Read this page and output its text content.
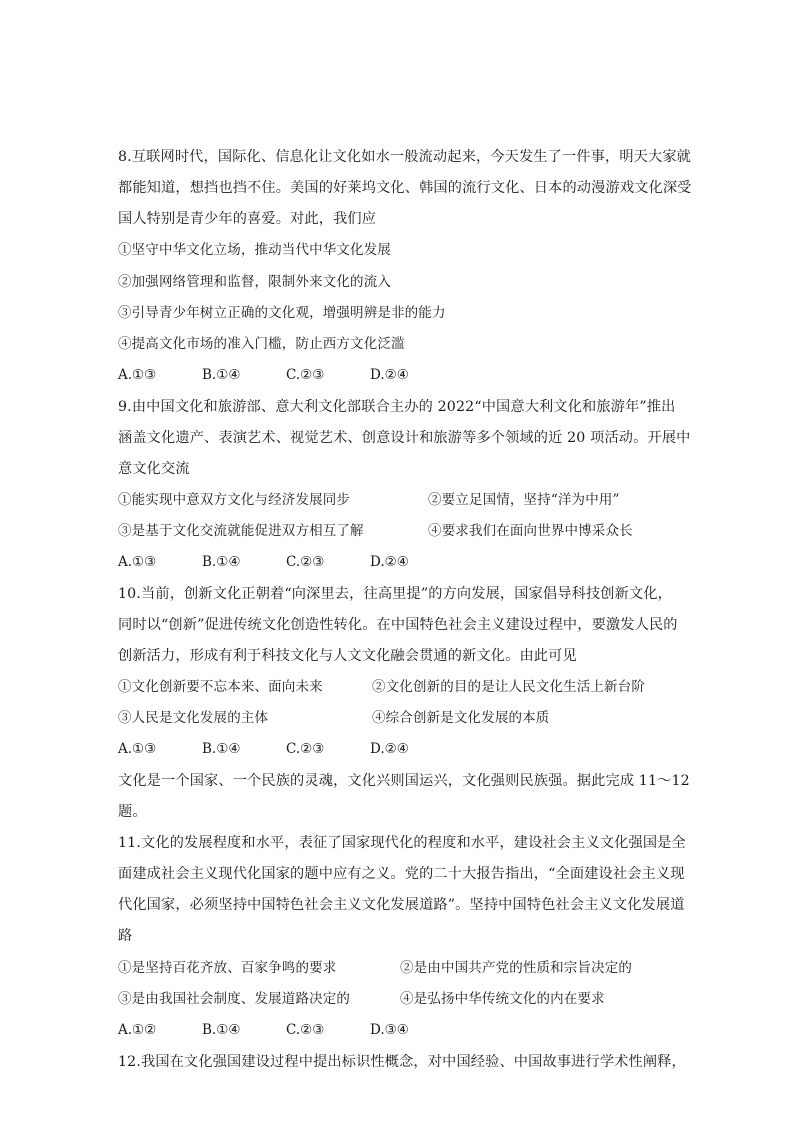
8.互联网时代，国际化、信息化让文化如水一般流动起来，今天发生了一件事，明天大家就
都能知道，想挡也挡不住。美国的好莱坞文化、韩国的流行文化、日本的动漫游戏文化深受
国人特别是青少年的喜爱。对此，我们应
①坚守中华文化立场，推动当代中华文化发展
②加强网络管理和监督，限制外来文化的流入
③引导青少年树立正确的文化观，增强明辨是非的能力
④提高文化市场的准入门槛，防止西方文化泛滥
A.①③	B.①④	C.②③	D.②④
9.由中国文化和旅游部、意大利文化部联合主办的 2022“中国意大利文化和旅游年”推出
涵盖文化遗产、表演艺术、视觉艺术、创意设计和旅游等多个领域的近 20 项活动。开展中
意文化交流
①能实现中意双方文化与经济发展同步	②要立足国情，坚持“洋为中用”
③是基于文化交流就能促进双方相互了解	④要求我们在面向世界中博采众长
A.①③	B.①④	C.②③	D.②④
10.当前，创新文化正朝着“向深里去，往高里提”的方向发展，国家倡导科技创新文化，
同时以“创新”促进传统文化创造性转化。在中国特色社会主义建设过程中，要激发人民的
创新活力，形成有利于科技文化与人文文化融会贯通的新文化。由此可见
①文化创新要不忘本来、面向未来	②文化创新的目的是让人民文化生活上新台阶
③人民是文化发展的主体	④综合创新是文化发展的本质
A.①③	B.①④	C.②③	D.②④
文化是一个国家、一个民族的灵魂，文化兴则国运兴，文化强则民族强。据此完成 11～12
题。
11.文化的发展程度和水平，表征了国家现代化的程度和水平，建设社会主义文化强国是全
面建成社会主义现代化国家的题中应有之义。党的二十大报告指出，“全面建设社会主义现
代化国家，必须坚持中国特色社会主义文化发展道路”。坚持中国特色社会主义文化发展道
路
①是坚持百花齐放、百家争鸣的要求	②是由中国共产党的性质和宗旨决定的
③是由我国社会制度、发展道路决定的	④是弘扬中华传统文化的内在要求
A.①②	B.①④	C.②③	D.③④
12.我国在文化强国建设过程中提出标识性概念，对中国经验、中国故事进行学术性阐释，
